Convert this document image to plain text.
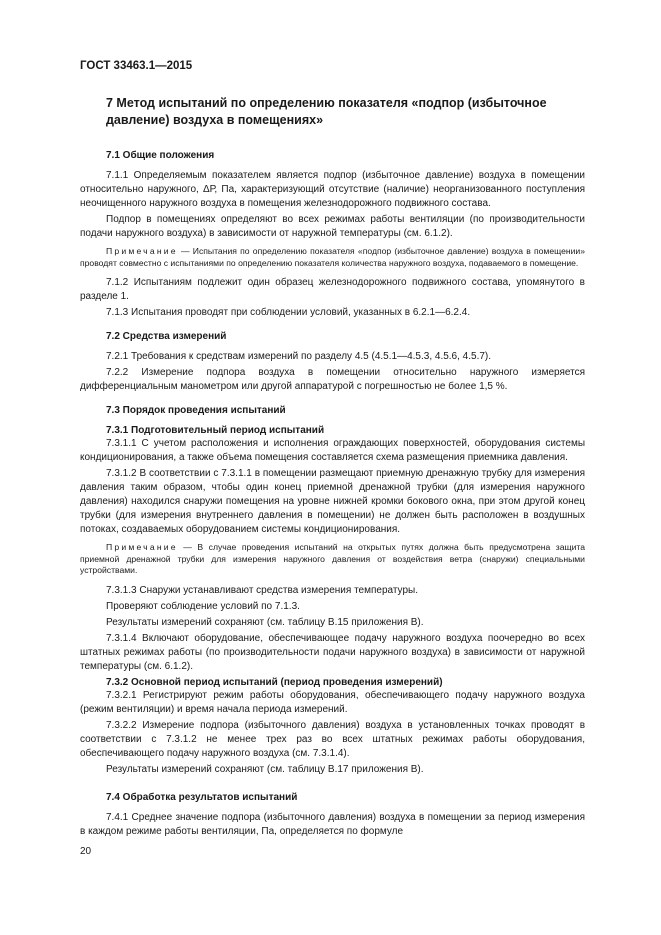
ГОСТ 33463.1—2015
7 Метод испытаний по определению показателя «подпор (избыточное давление) воздуха в помещениях»
7.1 Общие положения

7.1.1 Определяемым показателем является подпор (избыточное давление) воздуха в помещении относительно наружного, ΔР, Па, характеризующий отсутствие (наличие) неорганизованного поступления неочищенного наружного воздуха в помещения железнодорожного подвижного состава.

Подпор в помещениях определяют во всех режимах работы вентиляции (по производительности подачи наружного воздуха) в зависимости от наружной температуры (см. 6.1.2).

Примечание — Испытания по определению показателя «подпор (избыточное давление) воздуха в помещении» проводят совместно с испытаниями по определению показателя количества наружного воздуха, подаваемого в помещение.

7.1.2 Испытаниям подлежит один образец железнодорожного подвижного состава, упомянутого в разделе 1.

7.1.3 Испытания проводят при соблюдении условий, указанных в 6.2.1—6.2.4.

7.2 Средства измерений

7.2.1 Требования к средствам измерений по разделу 4.5 (4.5.1—4.5.3, 4.5.6, 4.5.7).

7.2.2 Измерение подпора воздуха в помещении относительно наружного измеряется дифференциальным манометром или другой аппаратурой с погрешностью не более 1,5 %.

7.3 Порядок проведения испытаний
7.3.1 Подготовительный период испытаний

7.3.1.1 С учетом расположения и исполнения ограждающих поверхностей, оборудования системы кондиционирования, а также объема помещения составляется схема размещения приемника давления.

7.3.1.2 В соответствии с 7.3.1.1 в помещении размещают приемную дренажную трубку для измерения давления таким образом, чтобы один конец приемной дренажной трубки (для измерения наружного давления) находился снаружи помещения на уровне нижней кромки бокового окна, при этом другой конец трубки (для измерения внутреннего давления в помещении) не должен быть расположен в воздушных потоках, создаваемых оборудованием системы кондиционирования.

Примечание — В случае проведения испытаний на открытых путях должна быть предусмотрена защита приемной дренажной трубки для измерения наружного давления от воздействия ветра (снаружи) специальными устройствами.

7.3.1.3 Снаружи устанавливают средства измерения температуры.

Проверяют соблюдение условий по 7.1.3.

Результаты измерений сохраняют (см. таблицу В.15 приложения В).

7.3.1.4 Включают оборудование, обеспечивающее подачу наружного воздуха поочередно во всех штатных режимах работы (по производительности подачи наружного воздуха) в зависимости от наружной температуры (см. 6.1.2).

7.3.2 Основной период испытаний (период проведения измерений)

7.3.2.1 Регистрируют режим работы оборудования, обеспечивающего подачу наружного воздуха (режим вентиляции) и время начала периода измерений.

7.3.2.2 Измерение подпора (избыточного давления) воздуха в установленных точках проводят в соответствии с 7.3.1.2 не менее трех раз во всех штатных режимах работы оборудования, обеспечивающего подачу наружного воздуха (см. 7.3.1.4).

Результаты измерений сохраняют (см. таблицу В.17 приложения В).

7.4 Обработка результатов испытаний

7.4.1 Среднее значение подпора (избыточного давления) воздуха в помещении за период измерения в каждом режиме работы вентиляции, Па, определяется по формуле

20
